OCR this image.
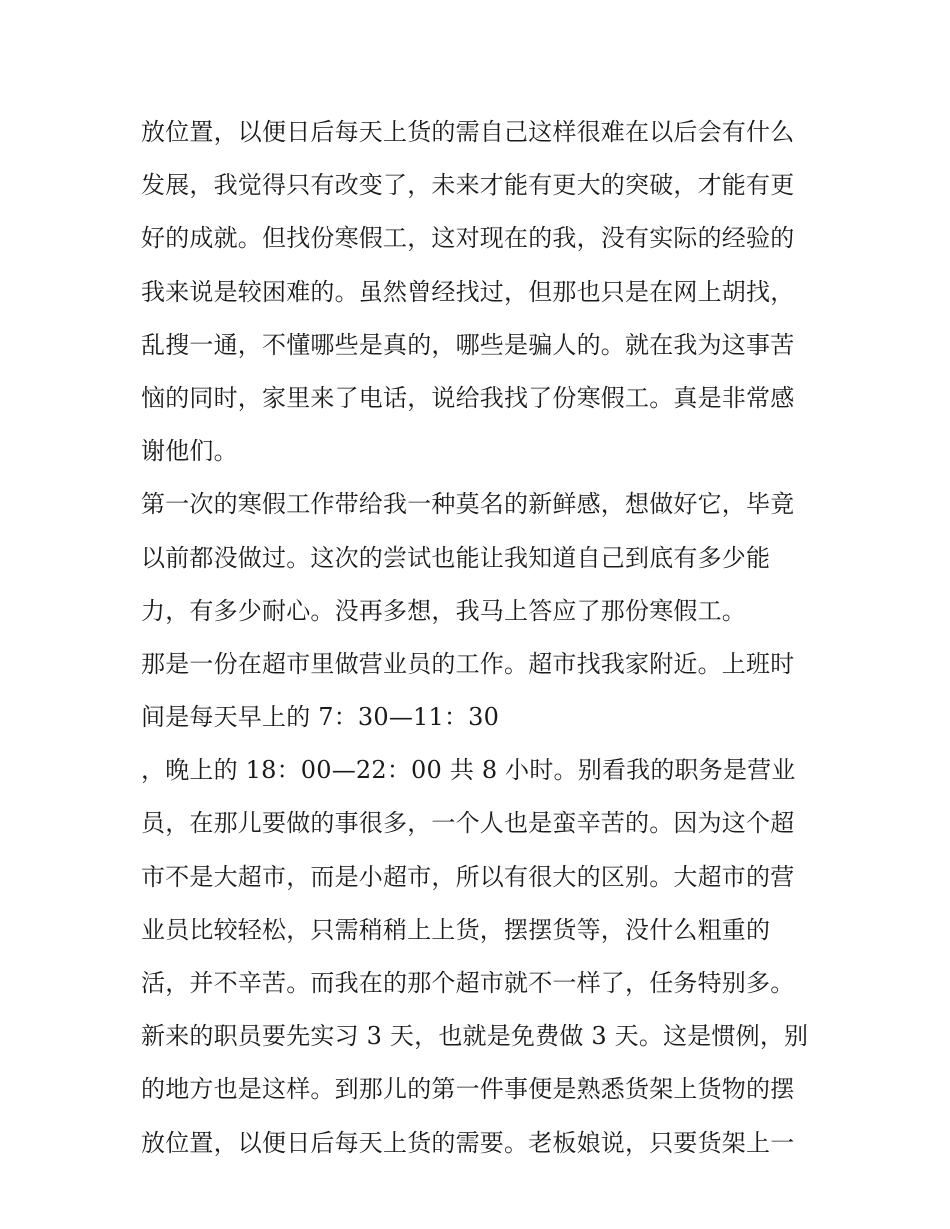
放位置，以便日后每天上货的需自己这样很难在以后会有什么
发展，我觉得只有改变了，未来才能有更大的突破，才能有更
好的成就。但找份寒假工，这对现在的我，没有实际的经验的
我来说是较困难的。虽然曾经找过，但那也只是在网上胡找，
乱搜一通，不懂哪些是真的，哪些是骗人的。就在我为这事苦
恼的同时，家里来了电话，说给我找了份寒假工。真是非常感
谢他们。
第一次的寒假工作带给我一种莫名的新鲜感，想做好它，毕竟
以前都没做过。这次的尝试也能让我知道自己到底有多少能
力，有多少耐心。没再多想，我马上答应了那份寒假工。
那是一份在超市里做营业员的工作。超市找我家附近。上班时
间是每天早上的 7：30—11：30
，晚上的 18：00—22：00 共 8 小时。别看我的职务是营业
员，在那儿要做的事很多，一个人也是蛮辛苦的。因为这个超
市不是大超市，而是小超市，所以有很大的区别。大超市的营
业员比较轻松，只需稍稍上上货，摆摆货等，没什么粗重的
活，并不辛苦。而我在的那个超市就不一样了，任务特别多。
新来的职员要先实习 3 天，也就是免费做 3 天。这是惯例，别
的地方也是这样。到那儿的第一件事便是熟悉货架上货物的摆
放位置，以便日后每天上货的需要。老板娘说，只要货架上一
